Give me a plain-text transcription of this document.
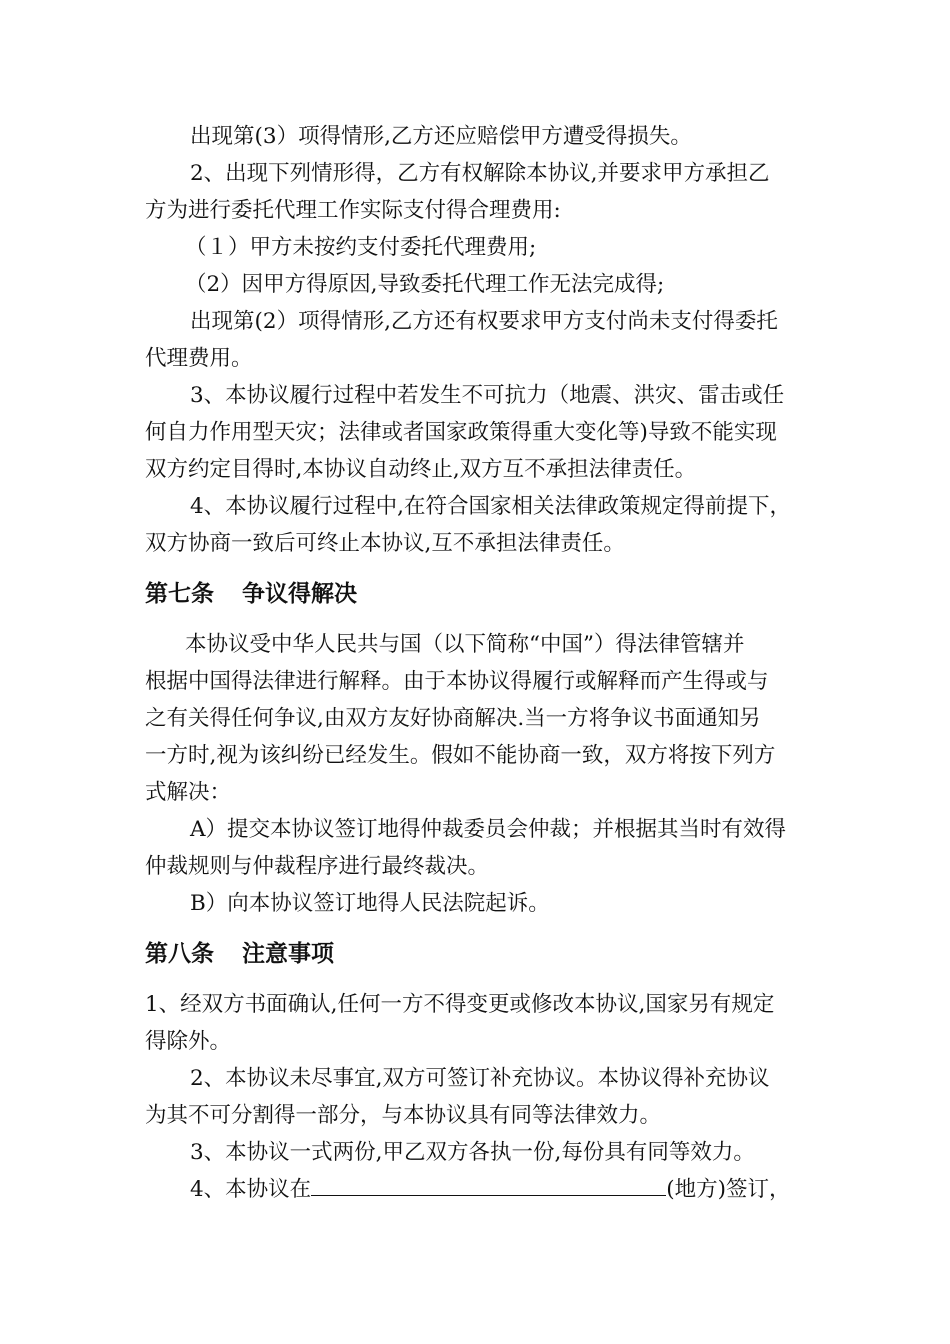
出现第(3）项得情形,乙方还应赔偿甲方遭受得损失。

2、出现下列情形得，乙方有权解除本协议,并要求甲方承担乙

方为进行委托代理工作实际支付得合理费用:

（１）甲方未按约支付委托代理费用;

（2）因甲方得原因,导致委托代理工作无法完成得;

出现第(2）项得情形,乙方还有权要求甲方支付尚未支付得委托

代理费用。

3、本协议履行过程中若发生不可抗力（地震、洪灾、雷击或任

何自力作用型天灾；法律或者国家政策得重大变化等)导致不能实现

双方约定目得时,本协议自动终止,双方互不承担法律责任。

4、本协议履行过程中,在符合国家相关法律政策规定得前提下，

双方协商一致后可终止本协议,互不承担法律责任。

第七条 争议得解决

本协议受中华人民共与国（以下简称“中国”）得法律管辖并

根据中国得法律进行解释。由于本协议得履行或解释而产生得或与

之有关得任何争议,由双方友好协商解决.当一方将争议书面通知另

一方时,视为该纠纷已经发生。假如不能协商一致，双方将按下列方

式解决：

A）提交本协议签订地得仲裁委员会仲裁；并根据其当时有效得

仲裁规则与仲裁程序进行最终裁决。

B）向本协议签订地得人民法院起诉。

第八条 注意事项

1、经双方书面确认,任何一方不得变更或修改本协议,国家另有规定

得除外。

2、本协议未尽事宜,双方可签订补充协议。本协议得补充协议

为其不可分割得一部分，与本协议具有同等法律效力。

3、本协议一式两份,甲乙双方各执一份,每份具有同等效力。

4、本协议在	(地方)签订，
